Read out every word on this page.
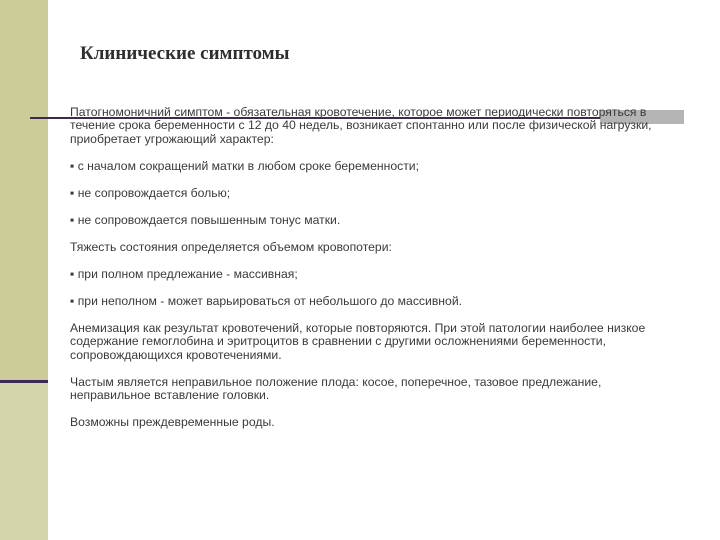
Клинические симптомы

Патогномоничний симптом - обязательная кровотечение, которое может периодически повторяться в течение срока беременности с 12 до 40 недель, возникает спонтанно или после физической нагрузки, приобретает угрожающий характер:

▪ с началом сокращений матки в любом сроке беременности;

▪ не сопровождается болью;

▪ не сопровождается повышенным тонус матки.

Тяжесть состояния определяется объемом кровопотери:

▪ при полном предлежание - массивная;

▪ при неполном - может варьироваться от небольшого до массивной.

Анемизация как результат кровотечений, которые повторяются. При этой патологии наиболее низкое содержание гемоглобина и эритроцитов в сравнении с другими осложнениями беременности, сопровождающихся кровотечениями.

Частым является неправильное положение плода: косое, поперечное, тазовое предлежание, неправильное вставление головки.

Возможны преждевременные роды.
